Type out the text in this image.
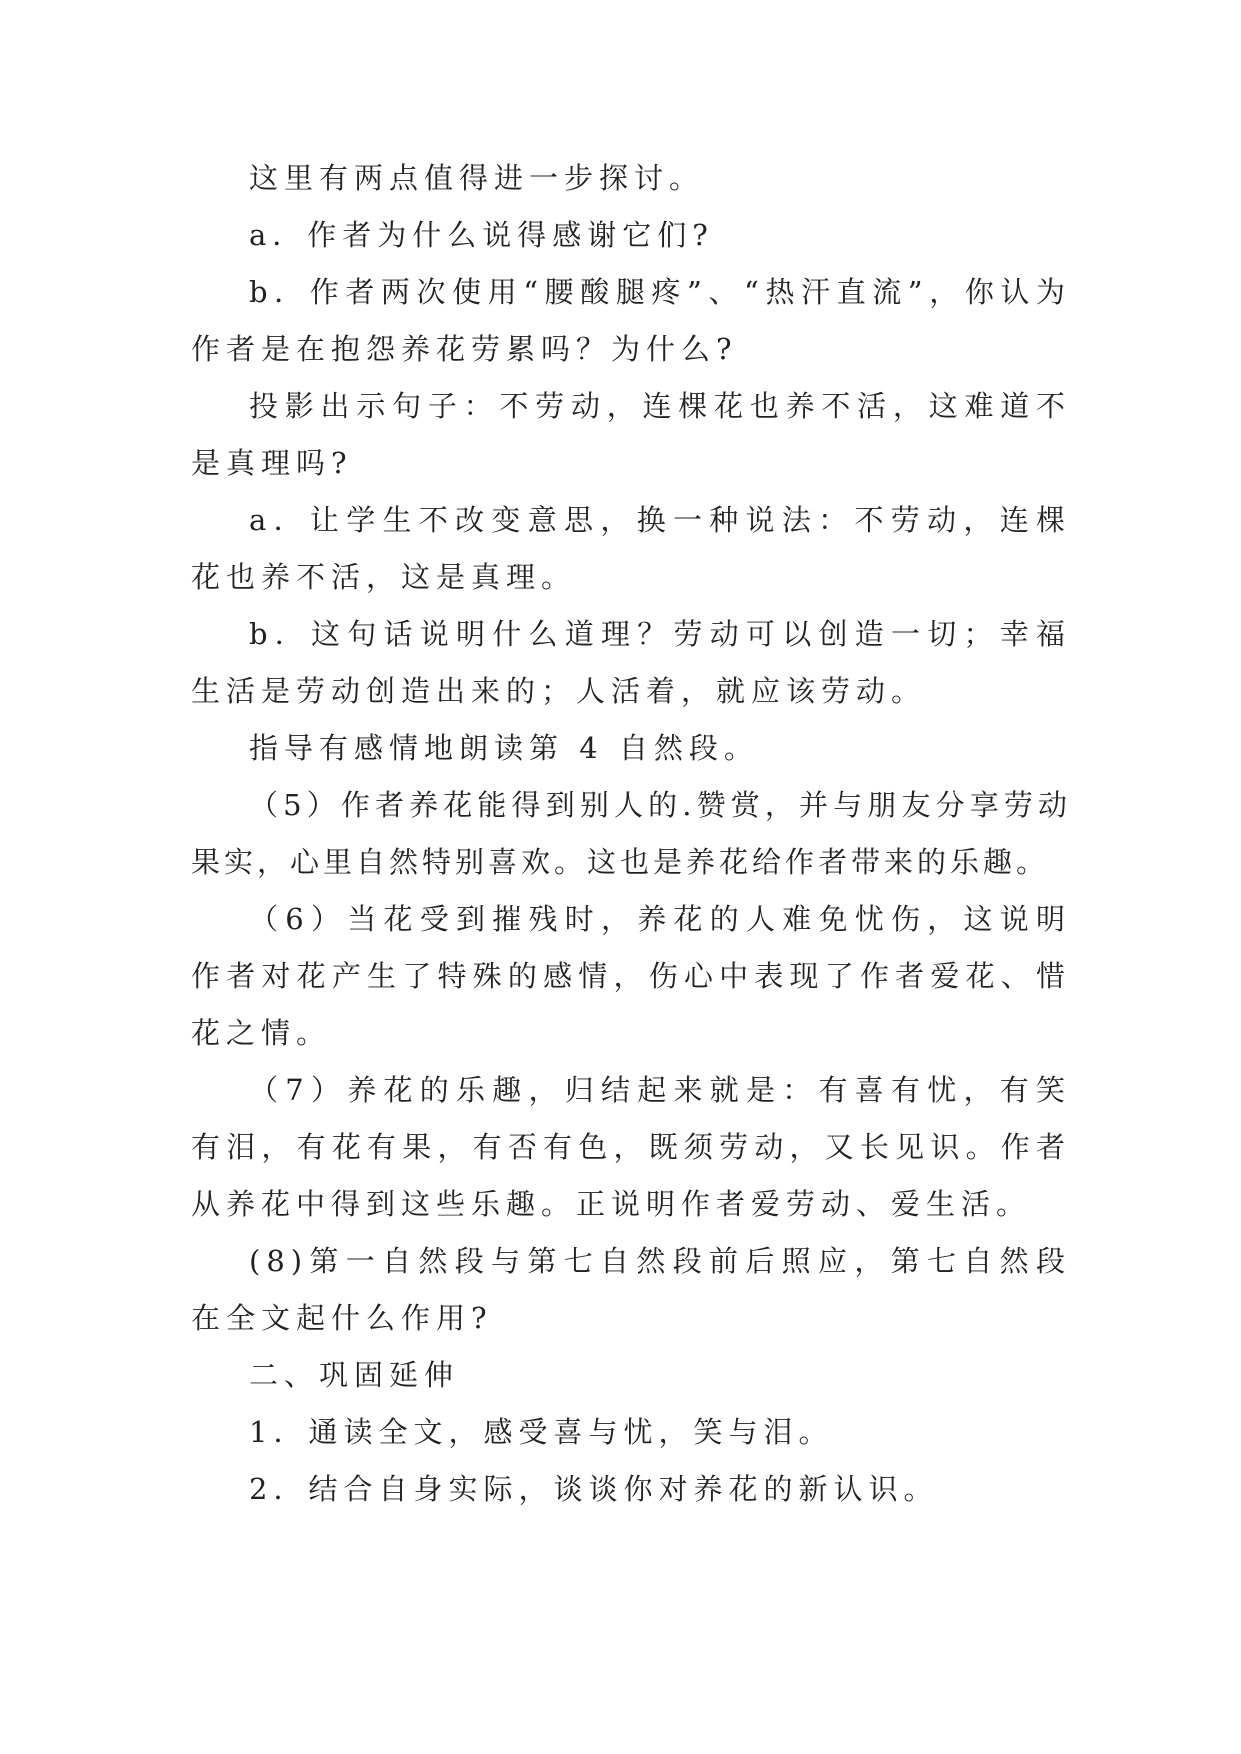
这里有两点值得进一步探讨。

a．作者为什么说得感谢它们?

b．作者两次使用“腰酸腿疼”、“热汗直流”，你认为作者是在抱怨养花劳累吗？为什么?

投影出示句子：不劳动，连棵花也养不活，这难道不是真理吗?

a．让学生不改变意思，换一种说法：不劳动，连棵花也养不活，这是真理。

b．这句话说明什么道理？劳动可以创造一切；幸福生活是劳动创造出来的；人活着，就应该劳动。

指导有感情地朗读第 4 自然段。

（5）作者养花能得到别人的.赞赏，并与朋友分享劳动果实，心里自然特别喜欢。这也是养花给作者带来的乐趣。

（6）当花受到摧残时，养花的人难免忧伤，这说明作者对花产生了特殊的感情，伤心中表现了作者爱花、惜花之情。

（7）养花的乐趣，归结起来就是：有喜有忧，有笑有泪，有花有果，有否有色，既须劳动，又长见识。作者从养花中得到这些乐趣。正说明作者爱劳动、爱生活。

(8)第一自然段与第七自然段前后照应，第七自然段在全文起什么作用?

二、巩固延伸

1．通读全文，感受喜与忧，笑与泪。

2．结合自身实际，谈谈你对养花的新认识。
